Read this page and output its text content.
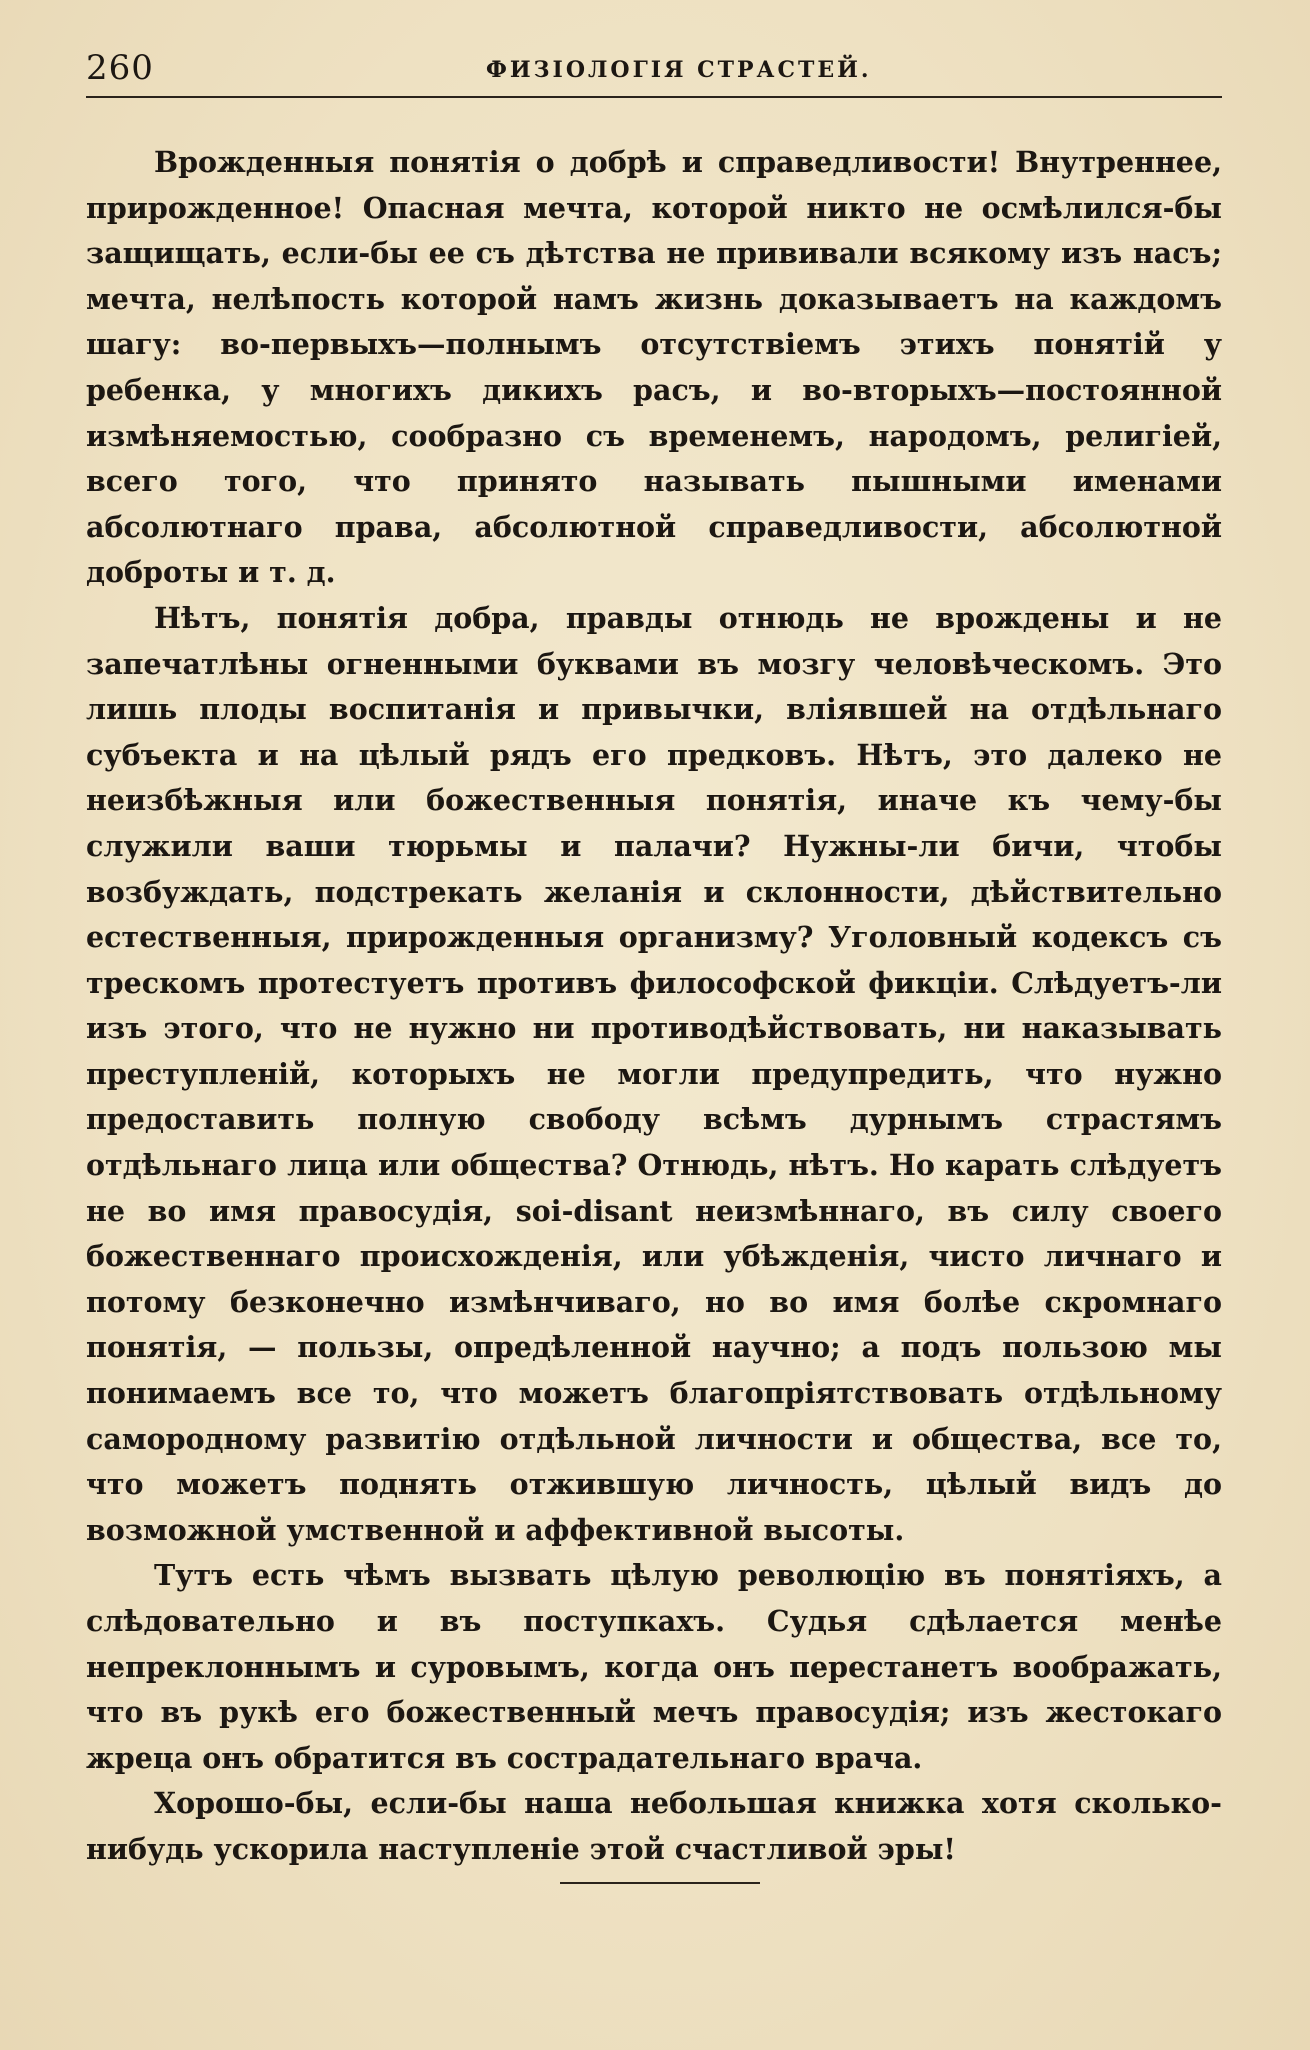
260	ФИЗІОЛОГІЯ СТРАСТЕЙ.

Врожденныя понятія о добрѣ и справедливости! Внутреннее, прирожденное! Опасная мечта, которой никто не осмѣлился-бы защищать, если-бы ее съ дѣтства не прививали всякому изъ насъ; мечта, нелѣпость которой намъ жизнь доказываетъ на каждомъ шагу: во-первыхъ—полнымъ отсутствіемъ этихъ понятій у ребенка, у многихъ дикихъ расъ, и во-вторыхъ—постоянной измѣняемостью, сообразно съ временемъ, народомъ, религіей, всего того, что принято называть пышными именами абсолютнаго права, абсолютной справедливости, абсолютной доброты и т. д.

Нѣтъ, понятія добра, правды отнюдь не врождены и не запечатлѣны огненными буквами въ мозгу человѣческомъ. Это лишь плоды воспитанія и привычки, вліявшей на отдѣльнаго субъекта и на цѣлый рядъ его предковъ. Нѣтъ, это далеко не неизбѣжныя или божественныя понятія, иначе къ чему-бы служили ваши тюрьмы и палачи? Нужны-ли бичи, чтобы возбуждать, подстрекать желанія и склонности, дѣйствительно естественныя, прирожденныя организму? Уголовный кодексъ съ трескомъ протестуетъ противъ философской фикціи. Слѣдуетъ-ли изъ этого, что не нужно ни противодѣйствовать, ни наказывать преступленій, которыхъ не могли предупредить, что нужно предоставить полную свободу всѣмъ дурнымъ страстямъ отдѣльнаго лица или общества? Отнюдь, нѣтъ. Но карать слѣдуетъ не во имя правосудія, soi-disant неизмѣннаго, въ силу своего божественнаго происхожденія, или убѣжденія, чисто личнаго и потому безконечно измѣнчиваго, но во имя болѣе скромнаго понятія, — пользы, опредѣленной научно; а подъ пользою мы понимаемъ все то, что можетъ благопріятствовать отдѣльному самородному развитію отдѣльной личности и общества, все то, что можетъ поднять отжившую личность, цѣлый видъ до возможной умственной и аффективной высоты.

Тутъ есть чѣмъ вызвать цѣлую революцію въ понятіяхъ, а слѣдовательно и въ поступкахъ. Судья сдѣлается менѣе непреклоннымъ и суровымъ, когда онъ перестанетъ воображать, что въ рукѣ его божественный мечъ правосудія; изъ жестокаго жреца онъ обратится въ сострадательнаго врача.

Хорошо-бы, если-бы наша небольшая книжка хотя сколько-нибудь ускорила наступленіе этой счастливой эры!
